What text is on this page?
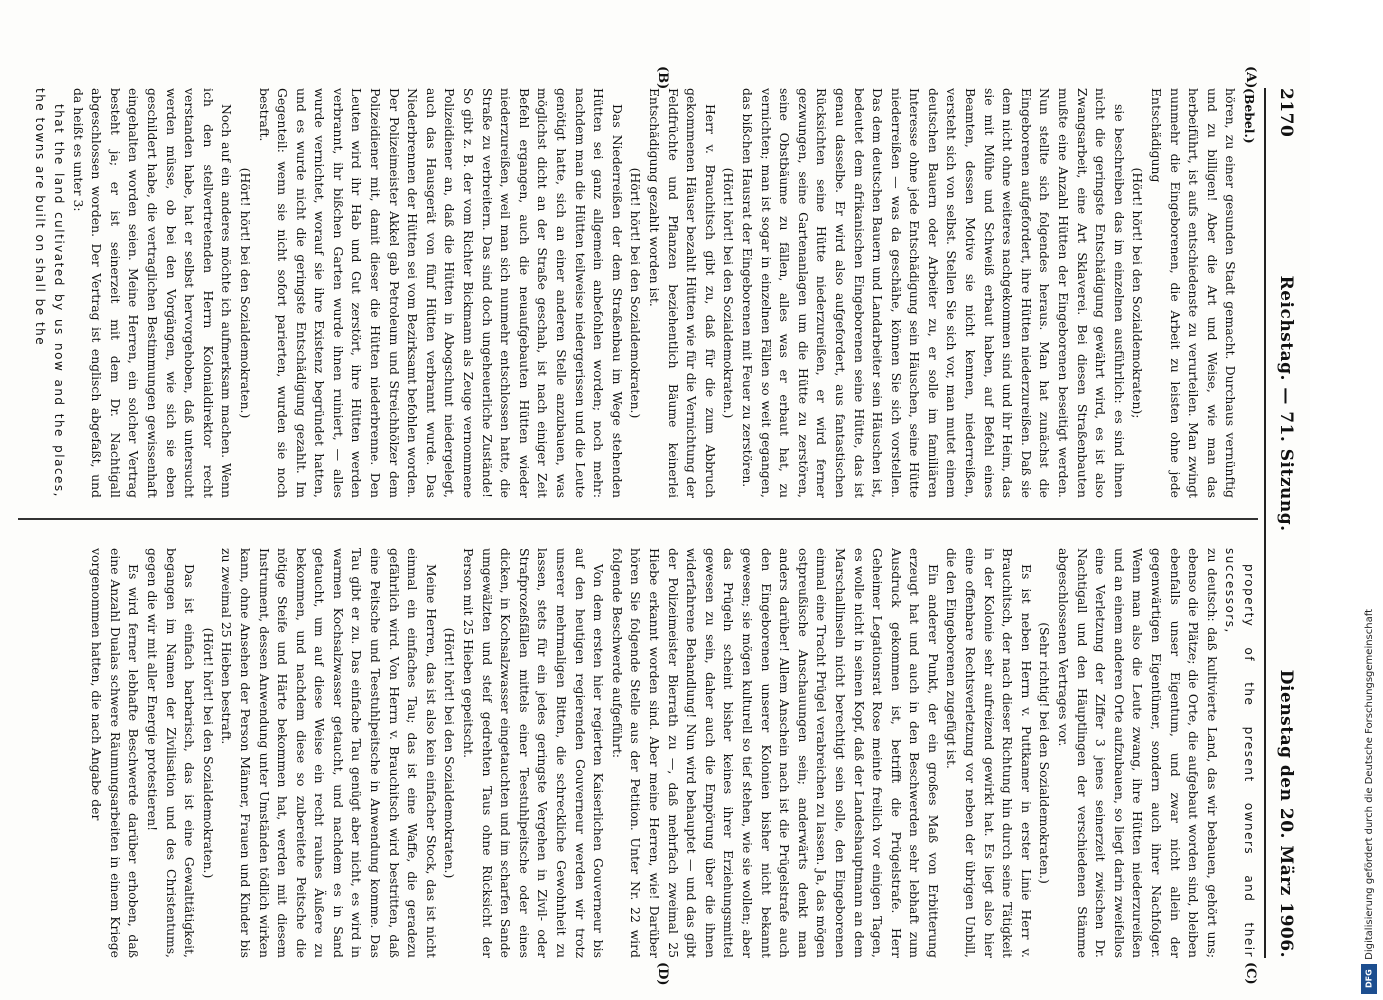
2170
Reichstag. — 71. Sitzung.
Dienstag den 20. März 1906.
(A)
(B)
(C)
(D)

(Bebel.)

hören, zu einer gesunden Stadt gemacht. Durchaus vernünftig und zu billigen! Aber die Art und Weise, wie man das herbeiführt, ist aufs entschiedenste zu verurteilen. Man zwingt nunmehr die Eingeborenen, die Arbeit zu leisten ohne jede Entschädigung

(Hört! hört! bei den Sozialdemokraten);

sie beschreiben das im einzelnen ausführlich: es sind ihnen nicht die geringste Entschädigung gewährt wird, es ist also Zwangsarbeit, eine Art Sklaverei. Bei diesen Straßenbauten mußte eine Anzahl Hütten der Eingeborenen beseitigt werden. Nun stellte sich folgendes heraus. Man hat zunächst die Eingeborenen aufgefordert, ihre Hütten niederzureißen. Daß sie dem nicht ohne weiteres nachgekommen sind und ihr Heim, das sie mit Mühe und Schweiß erbaut haben, auf Befehl eines Beamten, dessen Motive sie nicht kennen, niederreißen, versteht sich von selbst. Stellen Sie sich vor, man mutet einem deutschen Bauern oder Arbeiter zu, er solle im familiären Interesse ohne jede Entschädigung sein Häuschen, seine Hütte niederreißen — was da geschähe, können Sie sich vorstellen. Das dem deutschen Bauern und Landarbeiter sein Häuschen ist, bedeutet dem afrikanischen Eingeborenen seine Hütte, das ist genau dasselbe. Er wird also aufgefordert, aus fantastischen Rücksichten seine Hütte niederzureißen, er wird ferner gezwungen, seine Gartenanlagen um die Hütte zu zerstören, seine Obstbäume zu fällen, alles was er erbaut hat, zu vernichten; man ist sogar in einzelnen Fällen so weit gegangen, das bißchen Hausrat der Eingeborenen mit Feuer zu zerstören.

(Hört! hört! bei den Sozialdemokraten.)

Herr v. Brauchitsch gibt zu, daß für die zum Abbruch gekommenen Häuser bezahlt Hütten wie für die Vernichtung der Feldfrüchte und Pflanzen beziehentlich Bäume keinerlei Entschädigung gezahlt worden ist.

(Hört! hört! bei den Sozialdemokraten.)

Das Niederreißen der dem Straßenbau im Wege stehenden Hütten sei ganz allgemein anbefohlen worden; noch mehr: nachdem man die Hütten teilweise niedergerissen und die Leute genötigt hatte, sich an einer anderen Stelle anzubauen, was möglichst dicht an der Straße geschah, ist nach einiger Zeit Befehl ergangen, auch die neuaufgebauten Hütten wieder niederzureißen, weil man sich nunmehr entschlossen hatte, die Straße zu verbreitern. Das sind doch ungeheuerliche Zustände! So gibt z. B. der vom Richter Bickmann als Zeuge vernommene Polizeidiener an, daß die Hütten in Abogschunt niedergelegt, auch das Hausgerät von fünf Hütten verbrannt wurde. Das Niederbrennen der Hütten sei vom Bezirksamt befohlen worden. Der Polizeimeister Akkel gab Petroleum und Streichhölzer dem Polizeidiener mit, damit dieser die Hütten niederbrenne. Den Leuten wird ihr Hab und Gut zerstört, ihre Hütten werden verbrannt, ihr bißchen Garten wurde ihnen ruiniert, — alles wurde vernichtet, worauf sie ihre Existenz begründet hatten, und es wurde nicht die geringste Entschädigung gezahlt. Im Gegenteil: wenn sie nicht sofort parierten, wurden sie noch bestraft.

(Hört! hört! bei den Sozialdemokraten.)

Noch auf ein anderes möchte ich aufmerksam machen. Wenn ich den stellvertretenden Herrn Kolonialdirektor recht verstanden habe, hat er selbst hervorgehoben, daß untersucht werden müsse, ob bei den Vorgängen, wie sich sie eben geschildert habe, die vertraglichen Bestimmungen gewissenhaft eingehalten worden seien. Meine Herren, ein solcher Vertrag besteht ja; er ist seinerzeit mit dem Dr. Nachtigall abgeschlossen worden. Der Vertrag ist englisch abgefaßt, und da heißt es unter 3:

that the land cultivated by us now and the places, the towns are built on shall be the

property of the present owners and their successors,

zu deutsch: daß kultivierte Land, das wir bebauen, gehört uns; ebenso die Plätze; die Orte, die aufgebaut worden sind, bleiben ebenfalls unser Eigentum, und zwar nicht allein der gegenwärtigen Eigentümer, sondern auch ihrer Nachfolger. Wenn man also die Leute zwang, ihre Hütten niederzureißen und an einem anderen Orte aufzubauen, so liegt darin zweifellos eine Verletzung der Ziffer 3 jenes seinerzeit zwischen Dr. Nachtigall und den Häuptlingen der verschiedenen Stämme abgeschlossenen Vertrages vor.

(Sehr richtig! bei den Sozialdemokraten.)

Es ist neben Herrn v. Puttkamer in erster Linie Herr v. Brauchitsch, der nach dieser Richtung hin durch seine Tätigkeit in der Kolonie sehr aufreizend gewirkt hat. Es liegt also hier eine offenbare Rechtsverletzung vor neben der übrigen Unbill, die den Eingeborenen zugefügt ist.

Ein anderer Punkt, der ein großes Maß von Erbitterung erzeugt hat und auch in den Beschwerden sehr lebhaft zum Ausdruck gekommen ist, betrifft die Prügelstrafe. Herr Geheimer Legationsrat Rose meinte freilich vor einigen Tagen, es wolle nicht in seinen Kopf, daß der Landeshauptmann an dem Marschallinseln nicht berechtigt sein solle, den Eingeborenen einmal eine Tracht Prügel verabreichen zu lassen. Ja, das mögen ostpreußische Anschauungen sein; anderwärts denkt man anders darüber! Allem Anschein nach ist die Prügelstrafe auch den Eingeborenen unserer Kolonien bisher nicht bekannt gewesen; sie mögen kulturell so tief stehen, wie sie wollen; aber das Prügeln scheint bisher keines ihrer Erziehungsmittel gewesen zu sein, daher auch die Empörung über die ihnen widerfahrene Behandlung! Nun wird behauptet — und das gibt der Polizeimeister Bierrath zu —, daß mehrfach zweimal 25 Hiebe erkannt worden sind. Aber meine Herren, wie! Darüber hören Sie folgende Stelle aus der Petition. Unter Nr. 22 wird folgende Beschwerde aufgeführt:

Von dem ersten hier regierten Kaiserlichen Gouverneur bis auf den heutigen regierenden Gouverneur werden wir trotz unserer mehrmaligen Bitten, die schreckliche Gewohnheit zu lassen, stets für ein jedes geringste Vergehen in Zivil- oder Strafprozeßfällen mittels einer Teestuhlpeitsche oder eines dicken, in Kochsalzwasser eingetauchten und im scharfen Sande umgewälzten und steif gedrehten Taus ohne Rücksicht der Person mit 25 Hieben gepeitscht.

(Hört! hört! bei den Sozialdemokraten.)

Meine Herren, das ist also kein einfacher Stock, das ist nicht einmal ein einfaches Tau; das ist eine Waffe, die geradezu gefährlich wird. Von Herrn v. Brauchitsch wird bestritten, daß eine Peitsche und Teestuhlpeitsche in Anwendung komme. Das Tau gibt er zu. Das einfache Tau genügt aber nicht, es wird in warmen Kochsalzwasser getaucht, und nachdem es in Sand getaucht, um auf diese Weise ein recht rauhes Äußere zu bekommen, und nachdem diese so zubereitete Peitsche die nötige Steife und Härte bekommen hat, werden mit diesem Instrument, dessen Anwendung unter Umständen tödlich wirken kann, ohne Ansehen der Person Männer, Frauen und Kinder bis zu zweimal 25 Hieben bestraft.

(Hört! hört! bei den Sozialdemokraten.)

Das ist einfach barbarisch, das ist eine Gewalttätigkeit, begangen im Namen der Zivilisation und des Christentums, gegen die wir mit aller Energie protestieren!

Es wird ferner lebhafte Beschwerde darüber erhoben, daß eine Anzahl Dualas schwere Räumungsarbeiten in einem Kriege vorgenommen hatten, die nach Angabe der	Digitalisierung gefördert durch die Deutsche Forschungsgemeinschaft
DFG
